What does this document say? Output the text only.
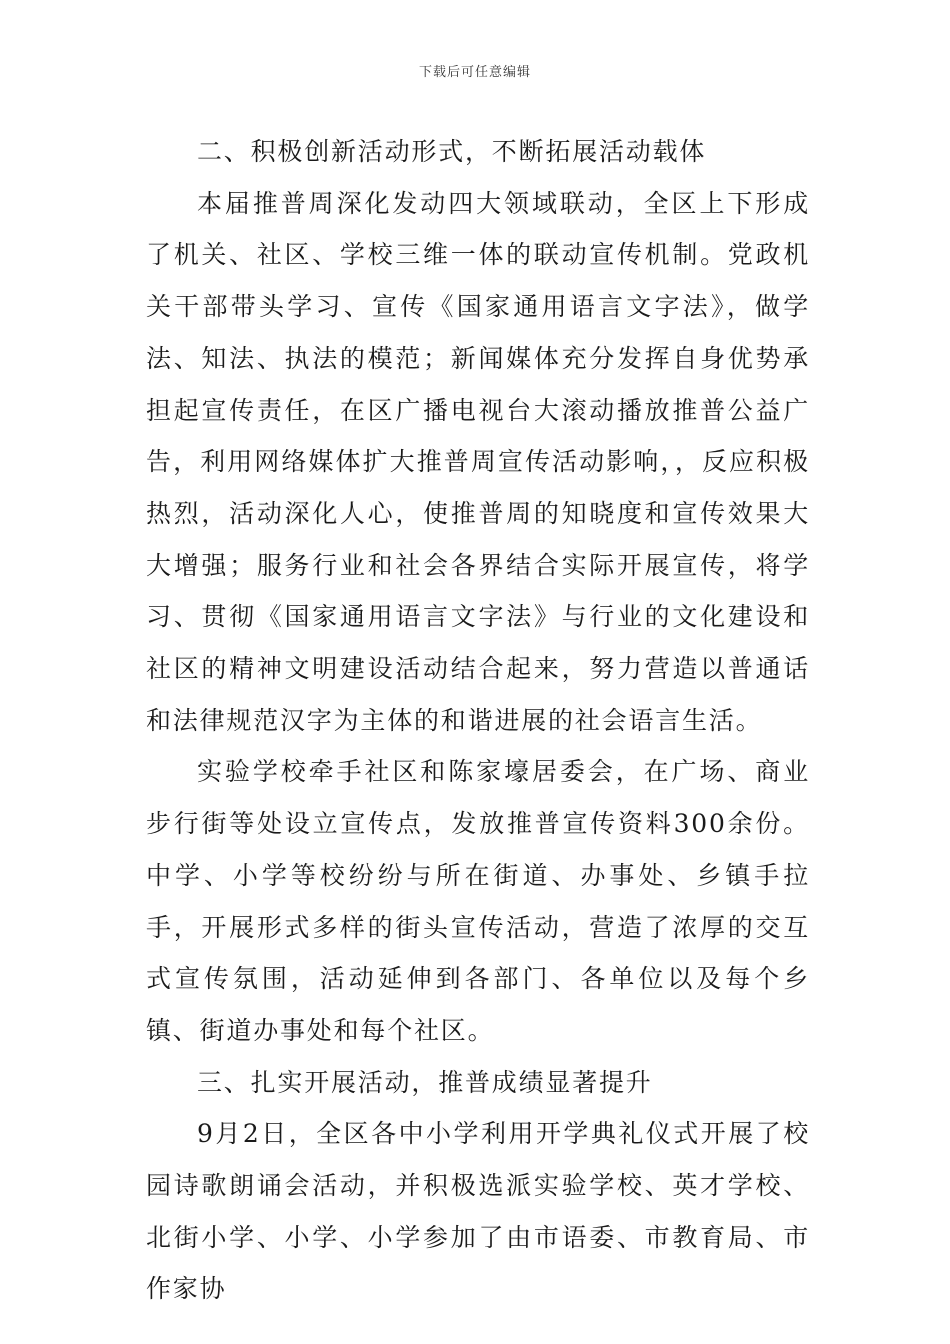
下载后可任意编辑

二、积极创新活动形式，不断拓展活动载体

本届推普周深化发动四大领域联动，全区上下形成了机关、社区、学校三维一体的联动宣传机制。党政机关干部带头学习、宣传《国家通用语言文字法》，做学法、知法、执法的模范；新闻媒体充分发挥自身优势承担起宣传责任，在区广播电视台大滚动播放推普公益广告，利用网络媒体扩大推普周宣传活动影响，，反应积极热烈，活动深化人心，使推普周的知晓度和宣传效果大大增强；服务行业和社会各界结合实际开展宣传，将学习、贯彻《国家通用语言文字法》与行业的文化建设和社区的精神文明建设活动结合起来，努力营造以普通话和法律规范汉字为主体的和谐进展的社会语言生活。

实验学校牵手社区和陈家壕居委会，在广场、商业步行街等处设立宣传点，发放推普宣传资料300余份。中学、小学等校纷纷与所在街道、办事处、乡镇手拉手，开展形式多样的街头宣传活动，营造了浓厚的交互式宣传氛围，活动延伸到各部门、各单位以及每个乡镇、街道办事处和每个社区。

三、扎实开展活动，推普成绩显著提升

9月2日，全区各中小学利用开学典礼仪式开展了校园诗歌朗诵会活动，并积极选派实验学校、英才学校、北街小学、小学、小学参加了由市语委、市教育局、市作家协
